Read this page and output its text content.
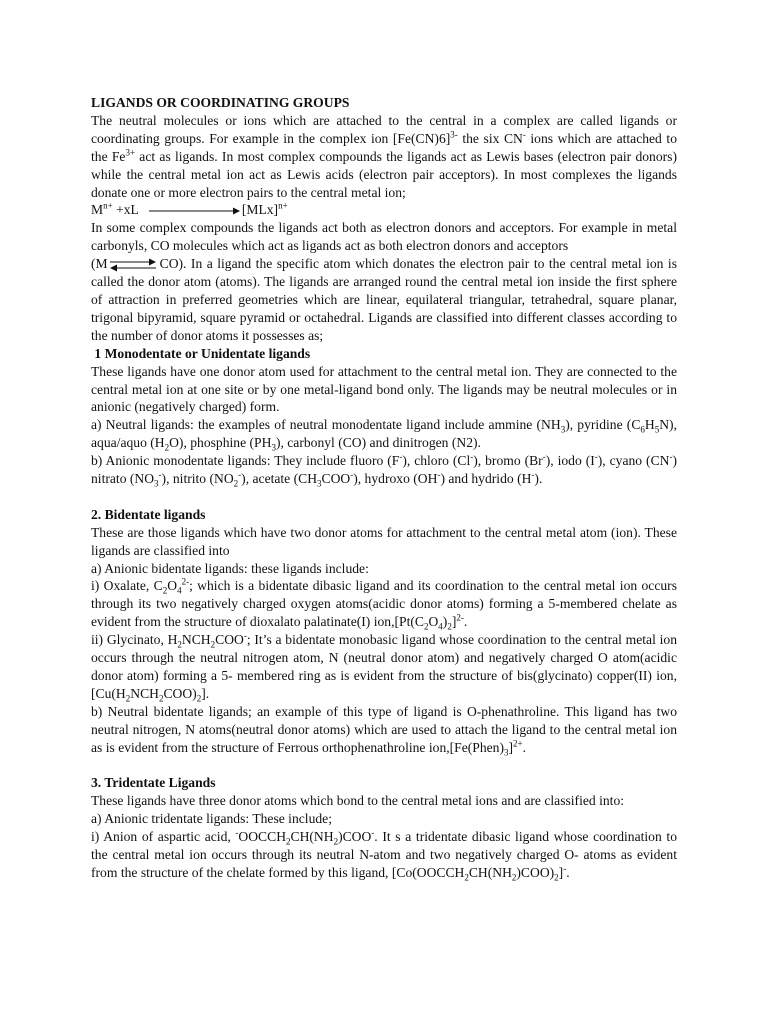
LIGANDS OR COORDINATING GROUPS

The neutral molecules or ions which are attached to the central in a complex are called ligands or coordinating groups. For example in the complex ion $[Fe(CN)6]^{3-}$ the six CN- ions which are attached to the $Fe^{3+}$ act as ligands. In most complex compounds the ligands act as Lewis bases (electron pair donors) while the central metal ion act as Lewis acids (electron pair acceptors). In most complexes the ligands donate one or more electron pairs to the central metal ion;

$M^{n+} +xL$	[MLx]$^{n+}$

In some complex compounds the ligands act both as electron donors and acceptors. For example in metal carbonyls, CO molecules which act as ligands act as both electron donors and acceptors
(M	CO). In a ligand the specific atom which donates the electron pair to the central metal ion is called the donor atom (atoms). The ligands are arranged round the central metal ion inside the first sphere of attraction in preferred geometries which are linear, equilateral triangular, tetrahedral, square planar, trigonal bipyramid, square pyramid or octahedral. Ligands are classified into different classes according to the number of donor atoms it possesses as;

1 Monodentate or Unidentate ligands

These ligands have one donor atom used for attachment to the central metal ion. They are connected to the central metal ion at one site or by one metal-ligand bond only. The ligands may be neutral molecules or in anionic (negatively charged) form.

a) Neutral ligands: the examples of neutral monodentate ligand include ammine $(NH_3)$, pyridine $(C_6H_5N)$, aqua/aquo $(H_2O)$, phosphine $(PH_3)$, carbonyl (CO) and dinitrogen (N2).

b) Anionic monodentate ligands: They include fluoro (F-), chloro (Cl-), bromo (Br-), iodo (I-), cyano (CN-) nitrato $(NO_3^-)$, nitrito $(NO_2^-)$, acetate $(CH_3COO^-)$, hydroxo (OH-) and hydrido (H-).

2. Bidentate ligands

These are those ligands which have two donor atoms for attachment to the central metal atom (ion). These ligands are classified into

a) Anionic bidentate ligands: these ligands include:

i) Oxalate, $C_2O_4^{2-}$; which is a bidentate dibasic ligand and its coordination to the central metal ion occurs through its two negatively charged oxygen atoms(acidic donor atoms) forming a 5-membered chelate as evident from the structure of dioxalato palatinate(I) $ion,[Pt(C_2O_4)_2]^{2-}$.

ii) Glycinato, $H_2NCH_2COO^-$; It’s a bidentate monobasic ligand whose coordination to the central metal ion occurs through the neutral nitrogen atom, N (neutral donor atom) and negatively charged O atom(acidic donor atom) forming a 5- membered ring as is evident from the structure of bis(glycinato) copper(II) ion, $[Cu(H_2NCH_2COO)_2]$.

b) Neutral bidentate ligands; an example of this type of ligand is O-phenathroline. This ligand has two neutral nitrogen, N atoms(neutral donor atoms) which are used to attach the ligand to the central metal ion as is evident from the structure of Ferrous orthophenathroline $ion,[Fe(Phen)_3]^{2+}$.

3. Tridentate Ligands

These ligands have three donor atoms which bond to the central metal ions and are classified into:

a) Anionic tridentate ligands: These include;

i) Anion of aspartic acid, $^-OOCCH_2CH(NH_2)COO^-$. It s a tridentate dibasic ligand whose coordination to the central metal ion occurs through its neutral N-atom and two negatively charged O- atoms as evident from the structure of the chelate formed by this ligand, $[Co(OOCCH_2CH(NH_2)COO)_2]^-$.
